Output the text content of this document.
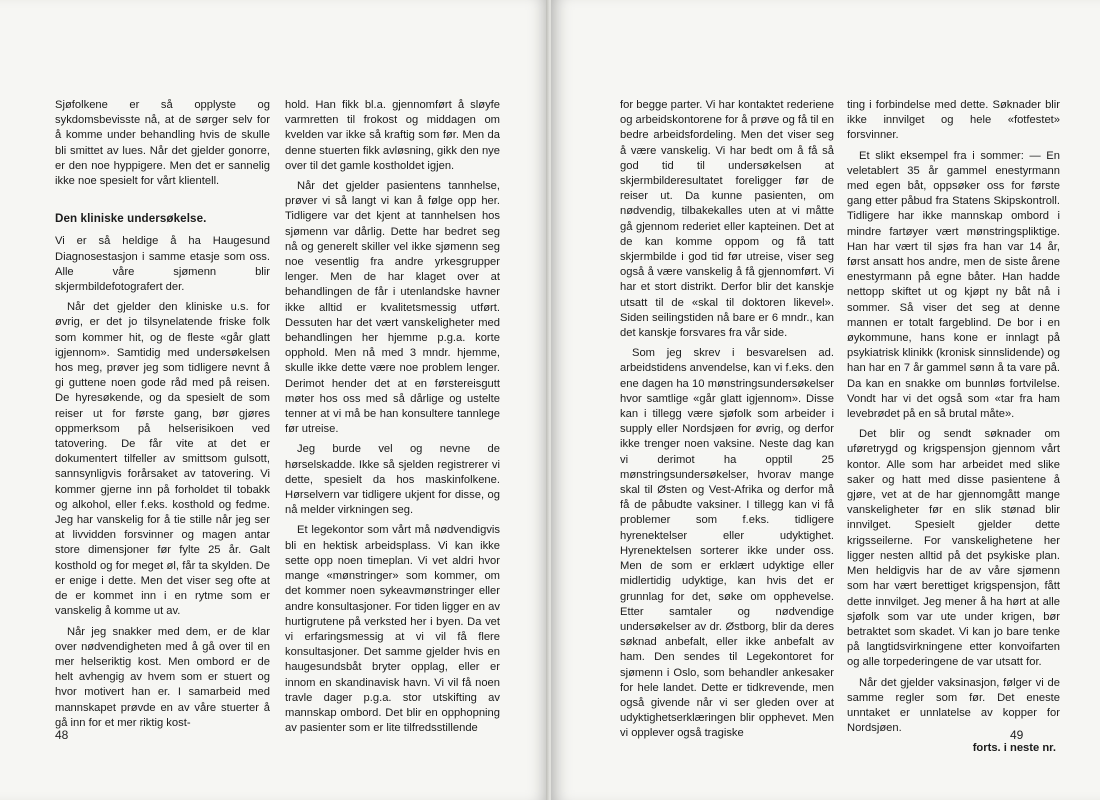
Sjøfolkene er så opplyste og sykdomsbevisste nå, at de sørger selv for å komme under behandling hvis de skulle bli smittet av lues. Når det gjelder gonorre, er den noe hyppigere. Men det er sannelig ikke noe spesielt for vårt klientell.

Den kliniske undersøkelse.

Vi er så heldige å ha Haugesund Diagnosestasjon i samme etasje som oss. Alle våre sjømenn blir skjermbildefotografert der.

Når det gjelder den kliniske u.s. for øvrig, er det jo tilsynelatende friske folk som kommer hit, og de fleste «går glatt igjennom». Samtidig med undersøkelsen hos meg, prøver jeg som tidligere nevnt å gi guttene noen gode råd med på reisen. De hyresøkende, og da spesielt de som reiser ut for første gang, bør gjøres oppmerksom på helserisikoen ved tatovering. De får vite at det er dokumentert tilfeller av smittsom gulsott, sannsynligvis forårsaket av tatovering. Vi kommer gjerne inn på forholdet til tobakk og alkohol, eller f.eks. kosthold og fedme. Jeg har vanskelig for å tie stille når jeg ser at livvidden forsvinner og magen antar store dimensjoner før fylte 25 år. Galt kosthold og for meget øl, får ta skylden. De er enige i dette. Men det viser seg ofte at de er kommet inn i en rytme som er vanskelig å komme ut av.

Når jeg snakker med dem, er de klar over nødvendigheten med å gå over til en mer helseriktig kost. Men ombord er de helt avhengig av hvem som er stuert og hvor motivert han er. I samarbeid med mannskapet prøvde en av våre stuerter å gå inn for et mer riktig kost-

hold. Han fikk bl.a. gjennomført å sløyfe varmretten til frokost og middagen om kvelden var ikke så kraftig som før. Men da denne stuerten fikk avløsning, gikk den nye over til det gamle kostholdet igjen.

Når det gjelder pasientens tannhelse, prøver vi så langt vi kan å følge opp her. Tidligere var det kjent at tannhelsen hos sjømenn var dårlig. Dette har bedret seg nå og generelt skiller vel ikke sjømenn seg noe vesentlig fra andre yrkesgrupper lenger. Men de har klaget over at behandlingen de får i utenlandske havner ikke alltid er kvalitetsmessig utført. Dessuten har det vært vanskeligheter med behandlingen her hjemme p.g.a. korte opphold. Men nå med 3 mndr. hjemme, skulle ikke dette være noe problem lenger. Derimot hender det at en førstereisgutt møter hos oss med så dårlige og ustelte tenner at vi må be han konsultere tannlege før utreise.

Jeg burde vel og nevne de hørselskadde. Ikke så sjelden registrerer vi dette, spesielt da hos maskinfolkene. Hørselvern var tidligere ukjent for disse, og nå melder virkningen seg.

Et legekontor som vårt må nødvendigvis bli en hektisk arbeidsplass. Vi kan ikke sette opp noen timeplan. Vi vet aldri hvor mange «mønstringer» som kommer, om det kommer noen sykeavmønstringer eller andre konsultasjoner. For tiden ligger en av hurtigrutene på verksted her i byen. Da vet vi erfaringsmessig at vi vil få flere konsultasjoner. Det samme gjelder hvis en haugesundsbåt bryter opplag, eller er innom en skandinavisk havn. Vi vil få noen travle dager p.g.a. stor utskifting av mannskap ombord. Det blir en opphopning av pasienter som er lite tilfredsstillende

48

for begge parter. Vi har kontaktet rederiene og arbeidskontorene for å prøve og få til en bedre arbeidsfordeling. Men det viser seg å være vanskelig. Vi har bedt om å få så god tid til undersøkelsen at skjermbilderesultatet foreligger før de reiser ut. Da kunne pasienten, om nødvendig, tilbakekalles uten at vi måtte gå gjennom rederiet eller kapteinen. Det at de kan komme oppom og få tatt skjermbilde i god tid før utreise, viser seg også å være vanskelig å få gjennomført. Vi har et stort distrikt. Derfor blir det kanskje utsatt til de «skal til doktoren likevel». Siden seilingstiden nå bare er 6 mndr., kan det kanskje forsvares fra vår side.

Som jeg skrev i besvarelsen ad. arbeidstidens anvendelse, kan vi f.eks. den ene dagen ha 10 mønstringsundersøkelser hvor samtlige «går glatt igjennom». Disse kan i tillegg være sjøfolk som arbeider i supply eller Nordsjøen for øvrig, og derfor ikke trenger noen vaksine. Neste dag kan vi derimot ha opptil 25 mønstringsundersøkelser, hvorav mange skal til Østen og Vest-Afrika og derfor må få de påbudte vaksiner. I tillegg kan vi få problemer som f.eks. tidligere hyrenektelser eller udyktighet. Hyrenektelsen sorterer ikke under oss. Men de som er erklært udyktige eller midlertidig udyktige, kan hvis det er grunnlag for det, søke om opphevelse. Etter samtaler og nødvendige undersøkelser av dr. Østborg, blir da deres søknad anbefalt, eller ikke anbefalt av ham. Den sendes til Legekontoret for sjømenn i Oslo, som behandler ankesaker for hele landet. Dette er tidkrevende, men også givende når vi ser gleden over at udyktighetserklæringen blir opphevet. Men vi opplever også tragiske

ting i forbindelse med dette. Søknader blir ikke innvilget og hele «fotfestet» forsvinner.

Et slikt eksempel fra i sommer: — En veletablert 35 år gammel enestyrmann med egen båt, oppsøker oss for første gang etter påbud fra Statens Skipskontroll. Tidligere har ikke mannskap ombord i mindre fartøyer vært mønstringspliktige. Han har vært til sjøs fra han var 14 år, først ansatt hos andre, men de siste årene enestyrmann på egne båter. Han hadde nettopp skiftet ut og kjøpt ny båt nå i sommer. Så viser det seg at denne mannen er totalt fargeblind. De bor i en øykommune, hans kone er innlagt på psykiatrisk klinikk (kronisk sinnslidende) og han har en 7 år gammel sønn å ta vare på. Da kan en snakke om bunnløs fortvilelse. Vondt har vi det også som «tar fra ham levebrødet på en så brutal måte».

Det blir og sendt søknader om uføretrygd og krigspensjon gjennom vårt kontor. Alle som har arbeidet med slike saker og hatt med disse pasientene å gjøre, vet at de har gjennomgått mange vanskeligheter før en slik stønad blir innvilget. Spesielt gjelder dette krigsseilerne. For vanskelighetene her ligger nesten alltid på det psykiske plan. Men heldigvis har de av våre sjømenn som har vært berettiget krigspensjon, fått dette innvilget. Jeg mener å ha hørt at alle sjøfolk som var ute under krigen, bør betraktet som skadet. Vi kan jo bare tenke på langtidsvirkningene etter konvoifarten og alle torpederingene de var utsatt for.

Når det gjelder vaksinasjon, følger vi de samme regler som før. Det eneste unntaket er unnlatelse av kopper for Nordsjøen.

forts. i neste nr.
49
